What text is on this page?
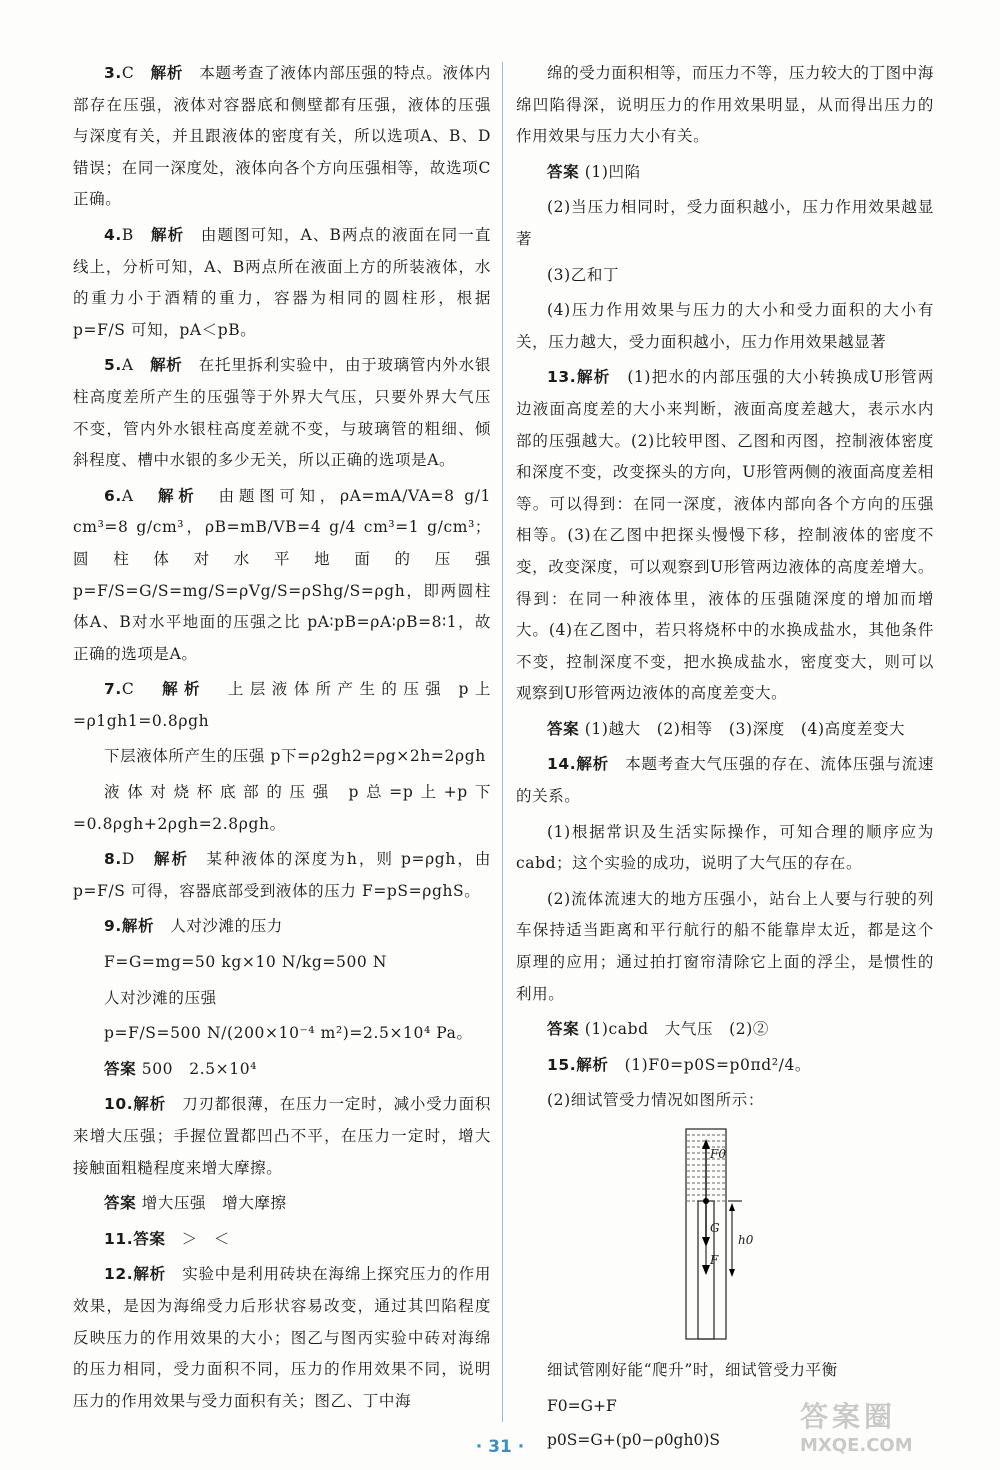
3.C　 解析　 本题考查了液体内部压强的特点。液体内部存在压强，液体对容器底和侧壁都有压强，液体的压强与深度有关，并且跟液体的密度有关，所以选项A、B、D错误；在同一深度处，液体向各个方向压强相等，故选项C正确。

4.B　 解析　 由题图可知，A、B两点的液面在同一直线上，分析可知，A、B两点所在液面上方的所装液体，水的重力小于酒精的重力，容器为相同的圆柱形，根据 p=F/S 可知，pA＜pB。

5.A　 解析　 在托里拆利实验中，由于玻璃管内外水银柱高度差所产生的压强等于外界大气压，只要外界大气压不变，管内外水银柱高度差就不变，与玻璃管的粗细、倾斜程度、槽中水银的多少无关，所以正确的选项是A。

6.A　 解析　 由题图可知，ρA=mA/VA=8 g/1 cm³=8 g/cm³，ρB=mB/VB=4 g/4 cm³=1 g/cm³；圆柱体对水平地面的压强 p=F/S=G/S=mg/S=ρVg/S=ρShg/S=ρgh，即两圆柱体A、B对水平地面的压强之比 pA∶pB=ρA∶ρB=8∶1，故正确的选项是A。

7.C　 解析　 上层液体所产生的压强 p上=ρ1gh1=0.8ρgh

下层液体所产生的压强 p下=ρ2gh2=ρg×2h=2ρgh

液体对烧杯底部的压强 p总=p上+p下=0.8ρgh+2ρgh=2.8ρgh。

8.D　 解析　 某种液体的深度为h，则 p=ρgh，由 p=F/S 可得，容器底部受到液体的压力 F=pS=ρghS。

9.解析　 人对沙滩的压力

F=G=mg=50 kg×10 N/kg=500 N

人对沙滩的压强

p=F/S=500 N/(200×10⁻⁴ m²)=2.5×10⁴ Pa。

答案 500　2.5×10⁴

10.解析　 刀刃都很薄，在压力一定时，减小受力面积来增大压强；手握位置都凹凸不平，在压力一定时，增大接触面粗糙程度来增大摩擦。

答案 增大压强　增大摩擦

11.答案　 ＞　＜

12.解析　 实验中是利用砖块在海绵上探究压力的作用效果，是因为海绵受力后形状容易改变，通过其凹陷程度反映压力的作用效果的大小；图乙与图丙实验中砖对海绵的压力相同，受力面积不同，压力的作用效果不同，说明压力的作用效果与受力面积有关；图乙、丁中海

绵的受力面积相等，而压力不等，压力较大的丁图中海绵凹陷得深，说明压力的作用效果明显，从而得出压力的作用效果与压力大小有关。

答案 (1)凹陷

(2)当压力相同时，受力面积越小，压力作用效果越显著

(3)乙和丁

(4)压力作用效果与压力的大小和受力面积的大小有关，压力越大，受力面积越小，压力作用效果越显著

13.解析　 (1)把水的内部压强的大小转换成U形管两边液面高度差的大小来判断，液面高度差越大，表示水内部的压强越大。(2)比较甲图、乙图和丙图，控制液体密度和深度不变，改变探头的方向，U形管两侧的液面高度差相等。可以得到：在同一深度，液体内部向各个方向的压强相等。(3)在乙图中把探头慢慢下移，控制液体的密度不变，改变深度，可以观察到U形管两边液体的高度差增大。得到：在同一种液体里，液体的压强随深度的增加而增大。(4)在乙图中，若只将烧杯中的水换成盐水，其他条件不变，控制深度不变，把水换成盐水，密度变大，则可以观察到U形管两边液体的高度差变大。

答案 (1)越大　(2)相等　(3)深度　(4)高度差变大

14.解析　 本题考查大气压强的存在、流体压强与流速的关系。

(1)根据常识及生活实际操作，可知合理的顺序应为cabd；这个实验的成功，说明了大气压的存在。

(2)流体流速大的地方压强小，站台上人要与行驶的列车保持适当距离和平行航行的船不能靠岸太近，都是这个原理的应用；通过拍打窗帘清除它上面的浮尘，是惯性的利用。

答案 (1)cabd　大气压　(2)②

15.解析　 (1)F0=p0S=p0πd²/4。

(2)细试管受力情况如图所示：

F0
G
F
h0

细试管刚好能“爬升”时，细试管受力平衡

F0=G+F

p0S=G+(p0−ρ0gh0)S

· 31 ·
答案圈
MXQE.COM
